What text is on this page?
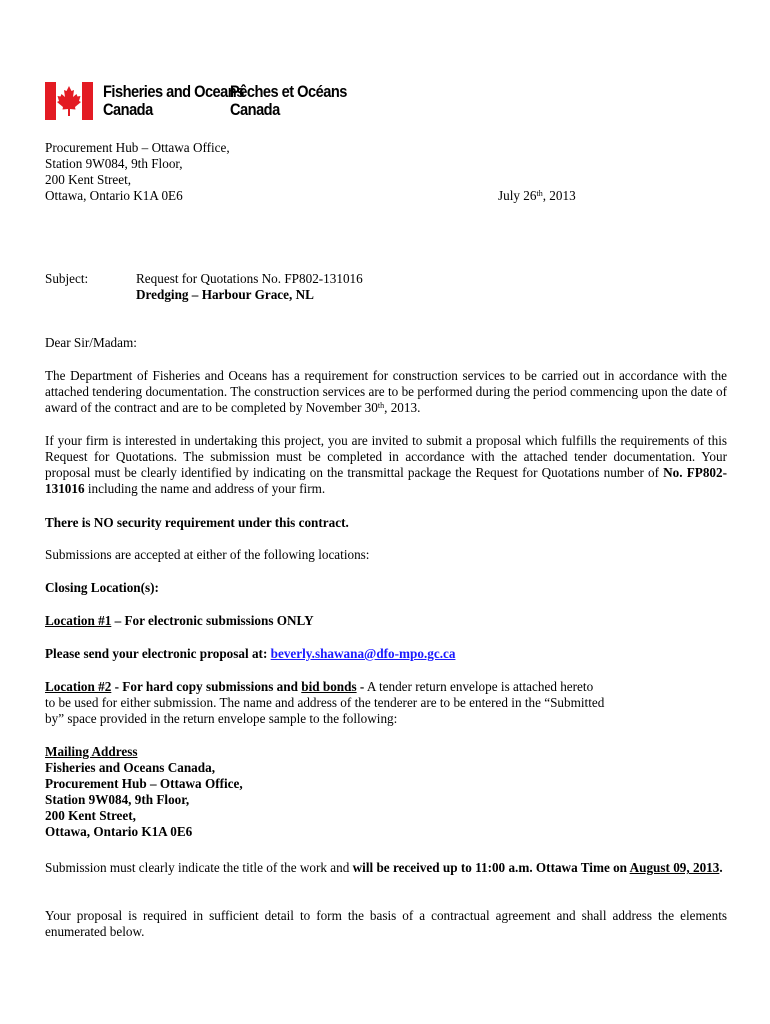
Fisheries and Oceans
Canada
Pêches et Océans
Canada
Procurement Hub – Ottawa Office,
Station 9W084, 9th Floor,
200 Kent Street,
Ottawa, Ontario K1A 0E6	July 26th, 2013
Subject:	Request for Quotations No. FP802-131016
Dredging – Harbour Grace, NL
Dear Sir/Madam:
The Department of Fisheries and Oceans has a requirement for construction services to be carried out in accordance with the attached tendering documentation. The construction services are to be performed during the period commencing upon the date of award of the contract and are to be completed by November 30th, 2013.
If your firm is interested in undertaking this project, you are invited to submit a proposal which fulfills the requirements of this Request for Quotations. The submission must be completed in accordance with the attached tender documentation. Your proposal must be clearly identified by indicating on the transmittal package the Request for Quotations number of No. FP802-131016 including the name and address of your firm.
There is NO security requirement under this contract.
Submissions are accepted at either of the following locations:
Closing Location(s):
Location #1 – For electronic submissions ONLY
Please send your electronic proposal at: beverly.shawana@dfo-mpo.gc.ca
Location #2 - For hard copy submissions and bid bonds - A tender return envelope is attached hereto
to be used for either submission. The name and address of the tenderer are to be entered in the “Submitted
by” space provided in the return envelope sample to the following:
Mailing Address
Fisheries and Oceans Canada,
Procurement Hub – Ottawa Office,
Station 9W084, 9th Floor,
200 Kent Street,
Ottawa, Ontario K1A 0E6
Submission must clearly indicate the title of the work and will be received up to 11:00 a.m. Ottawa Time on August 09, 2013.
Your proposal is required in sufficient detail to form the basis of a contractual agreement and shall address the elements enumerated below.
